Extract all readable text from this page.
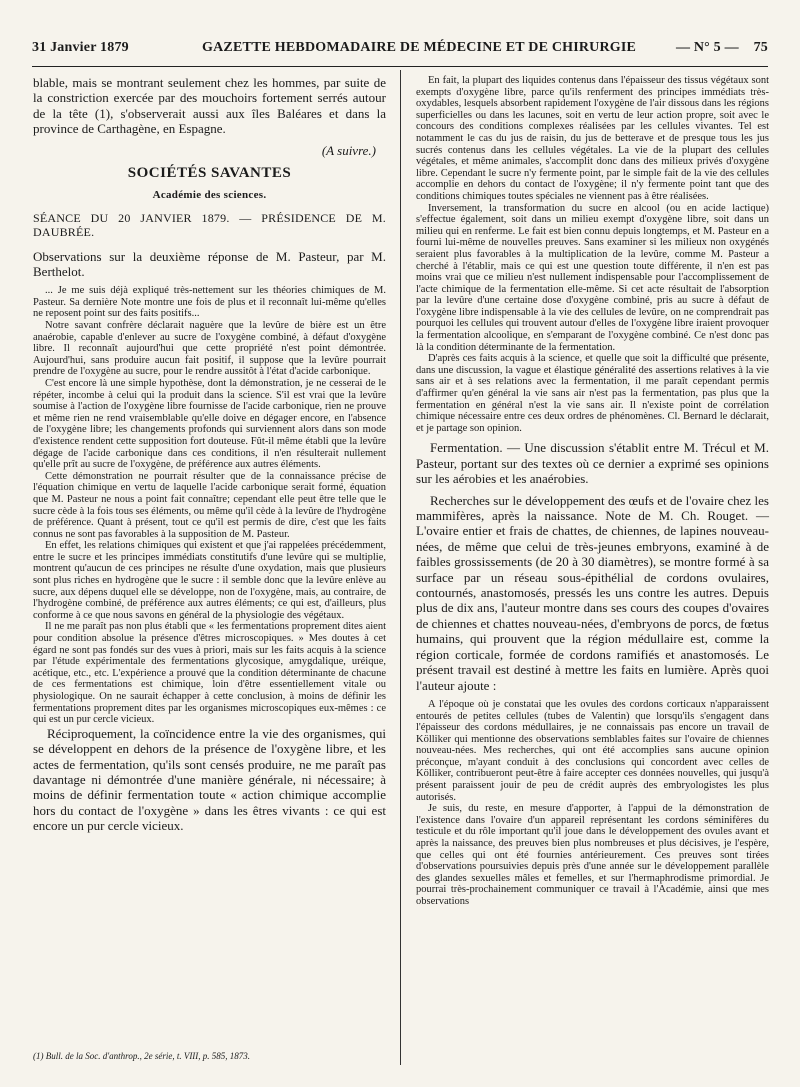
31 Janvier 1879	GAZETTE HEBDOMADAIRE DE MÉDECINE ET DE CHIRURGIE	— N° 5 — 75

blable, mais se montrant seulement chez les hommes, par suite de la constriction exercée par des mouchoirs fortement serrés autour de la tête (1), s'observerait aussi aux îles Baléares et dans la province de Carthagène, en Espagne.

(A suivre.)
SOCIÉTÉS SAVANTES
Académie des sciences.
SÉANCE DU 20 JANVIER 1879. — PRÉSIDENCE DE M. DAUBRÉE.
Observations sur la deuxième réponse de M. Pasteur, par M. Berthelot.

... Je me suis déjà expliqué très-nettement sur les théories chimiques de M. Pasteur. Sa dernière Note montre une fois de plus et il reconnaît lui-même qu'elles ne reposent point sur des faits positifs...

Notre savant confrère déclarait naguère que la levûre de bière est un être anaérobie, capable d'enlever au sucre de l'oxygène combiné, à défaut d'oxygène libre. Il reconnaît aujourd'hui que cette propriété n'est point démontrée. Aujourd'hui, sans produire aucun fait positif, il suppose que la levûre pourrait prendre de l'oxygène au sucre, pour le rendre aussitôt à l'état d'acide carbonique.

C'est encore là une simple hypothèse, dont la démonstration, je ne cesserai de le répéter, incombe à celui qui la produit dans la science. S'il est vrai que la levûre soumise à l'action de l'oxygène libre fournisse de l'acide carbonique, rien ne prouve et même rien ne rend vraisemblable qu'elle doive en dégager encore, en l'absence de l'oxygène libre; les changements profonds qui surviennent alors dans son mode d'existence rendent cette supposition fort douteuse. Fût-il même établi que la levûre dégage de l'acide carbonique dans ces conditions, il n'en résulterait nullement qu'elle prît au sucre de l'oxygène, de préférence aux autres éléments.

Cette démonstration ne pourrait résulter que de la connaissance précise de l'équation chimique en vertu de laquelle l'acide carbonique serait formé, équation que M. Pasteur ne nous a point fait connaître; cependant elle peut être telle que le sucre cède à la fois tous ses éléments, ou même qu'il cède à la levûre de l'hydrogène de préférence. Quant à présent, tout ce qu'il est permis de dire, c'est que les faits connus ne sont pas favorables à la supposition de M. Pasteur.

En effet, les relations chimiques qui existent et que j'ai rappelées précédemment, entre le sucre et les principes immédiats constitutifs d'une levûre qui se multiplie, montrent qu'aucun de ces principes ne résulte d'une oxydation, mais que plusieurs sont plus riches en hydrogène que le sucre : il semble donc que la levûre enlève au sucre, aux dépens duquel elle se développe, non de l'oxygène, mais, au contraire, de l'hydrogène combiné, de préférence aux autres éléments; ce qui est, d'ailleurs, plus conforme à ce que nous savons en général de la physiologie des végétaux.

Il ne me paraît pas non plus établi que « les fermentations proprement dites aient pour condition absolue la présence d'êtres microscopiques. » Mes doutes à cet égard ne sont pas fondés sur des vues à priori, mais sur les faits acquis à la science par l'étude expérimentale des fermentations glycosique, amygdalique, uréique, acétique, etc., etc. L'expérience a prouvé que la condition déterminante de chacune de ces fermentations est chimique, loin d'être essentiellement vitale ou physiologique. On ne saurait échapper à cette conclusion, à moins de définir les fermentations proprement dites par les organismes microscopiques eux-mêmes : ce qui est un pur cercle vicieux.

Réciproquement, la coïncidence entre la vie des organismes, qui se développent en dehors de la présence de l'oxygène libre, et les actes de fermentation, qu'ils sont censés produire, ne me paraît pas davantage ni démontrée d'une manière générale, ni nécessaire; à moins de définir fermentation toute « action chimique accomplie hors du contact de l'oxygène » dans les êtres vivants : ce qui est encore un pur cercle vicieux.

(1) Bull. de la Soc. d'anthrop., 2e série, t. VIII, p. 585, 1873.

En fait, la plupart des liquides contenus dans l'épaisseur des tissus végétaux sont exempts d'oxygène libre, parce qu'ils renferment des principes immédiats très-oxydables, lesquels absorbent rapidement l'oxygène de l'air dissous dans les régions superficielles ou dans les lacunes, soit en vertu de leur action propre, soit avec le concours des conditions complexes réalisées par les cellules vivantes. Tel est notamment le cas du jus de raisin, du jus de betterave et de presque tous les jus sucrés contenus dans les cellules végétales. La vie de la plupart des cellules végétales, et même animales, s'accomplit donc dans des milieux privés d'oxygène libre. Cependant le sucre n'y fermente point, par le simple fait de la vie des cellules accomplie en dehors du contact de l'oxygène; il n'y fermente point tant que des conditions chimiques toutes spéciales ne viennent pas à être réalisées.

Inversement, la transformation du sucre en alcool (ou en acide lactique) s'effectue également, soit dans un milieu exempt d'oxygène libre, soit dans un milieu qui en renferme. Le fait est bien connu depuis longtemps, et M. Pasteur en a fourni lui-même de nouvelles preuves. Sans examiner si les milieux non oxygénés seraient plus favorables à la multiplication de la levûre, comme M. Pasteur a cherché à l'établir, mais ce qui est une question toute différente, il n'en est pas moins vrai que ce milieu n'est nullement indispensable pour l'accomplissement de l'acte chimique de la fermentation elle-même. Si cet acte résultait de l'absorption par la levûre d'une certaine dose d'oxygène combiné, pris au sucre à défaut de l'oxygène libre indispensable à la vie des cellules de levûre, on ne comprendrait pas pourquoi les cellules qui trouvent autour d'elles de l'oxygène libre iraient provoquer la fermentation alcoolique, en s'emparant de l'oxygène combiné. Ce n'est donc pas là la condition déterminante de la fermentation.

D'après ces faits acquis à la science, et quelle que soit la difficulté que présente, dans une discussion, la vague et élastique généralité des assertions relatives à la vie sans air et à ses relations avec la fermentation, il me paraît cependant permis d'affirmer qu'en général la vie sans air n'est pas la fermentation, pas plus que la fermentation en général n'est la vie sans air. Il n'existe point de corrélation chimique nécessaire entre ces deux ordres de phénomènes. Cl. Bernard le déclarait, et je partage son opinion.

Fermentation. — Une discussion s'établit entre M. Trécul et M. Pasteur, portant sur des textes où ce dernier a exprimé ses opinions sur les aérobies et les anaérobies.

Recherches sur le développement des œufs et de l'ovaire chez les mammifères, après la naissance. Note de M. Ch. Rouget. — L'ovaire entier et frais de chattes, de chiennes, de lapines nouveau-nées, de même que celui de très-jeunes embryons, examiné à de faibles grossissements (de 20 à 30 diamètres), se montre formé à sa surface par un réseau sous-épithélial de cordons ovulaires, contournés, anastomosés, pressés les uns contre les autres. Depuis plus de dix ans, l'auteur montre dans ses cours des coupes d'ovaires de chiennes et chattes nouveau-nées, d'embryons de porcs, de fœtus humains, qui prouvent que la région médullaire est, comme la région corticale, formée de cordons ramifiés et anastomosés. Le présent travail est destiné à mettre les faits en lumière. Après quoi l'auteur ajoute :

A l'époque où je constatai que les ovules des cordons corticaux n'apparaissent entourés de petites cellules (tubes de Valentin) que lorsqu'ils s'engagent dans l'épaisseur des cordons médullaires, je ne connaissais pas encore un travail de Kölliker qui mentionne des observations semblables faites sur l'ovaire de chiennes nouveau-nées. Mes recherches, qui ont été accomplies sans aucune opinion préconçue, m'ayant conduit à des conclusions qui concordent avec celles de Kölliker, contribueront peut-être à faire accepter ces données nouvelles, qui jusqu'à présent paraissent jouir de peu de crédit auprès des embryologistes les plus autorisés.

Je suis, du reste, en mesure d'apporter, à l'appui de la démonstration de l'existence dans l'ovaire d'un appareil représentant les cordons séminifères du testicule et du rôle important qu'il joue dans le développement des ovules avant et après la naissance, des preuves bien plus nombreuses et plus décisives, je l'espère, que celles qui ont été fournies antérieurement. Ces preuves sont tirées d'observations poursuivies depuis près d'une année sur le développement parallèle des glandes sexuelles mâles et femelles, et sur l'hermaphrodisme primordial. Je pourrai très-prochainement communiquer ce travail à l'Académie, ainsi que mes observations
